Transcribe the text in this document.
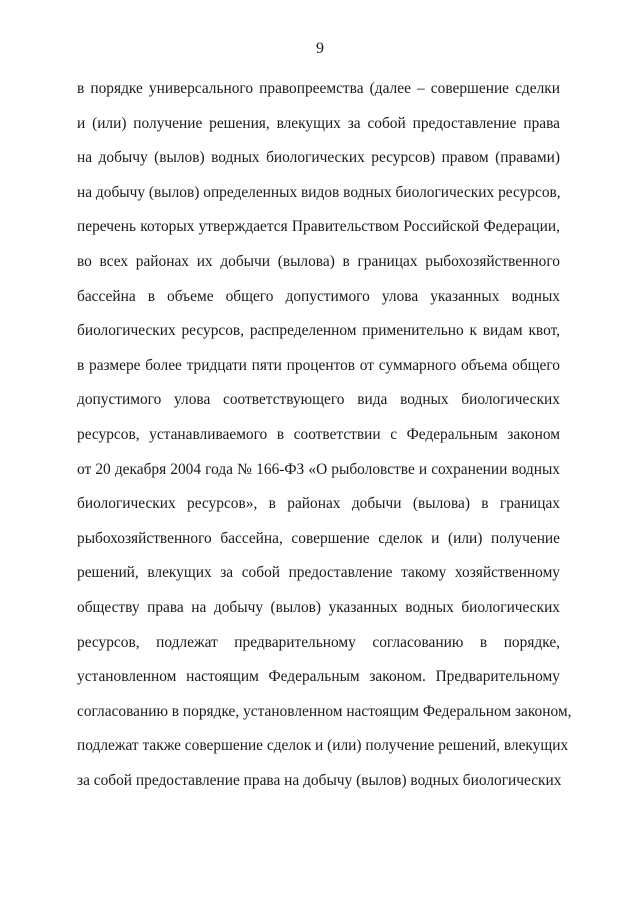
9
в порядке универсального правопреемства (далее – совершение сделки
и (или) получение решения, влекущих за собой предоставление права
на добычу (вылов) водных биологических ресурсов) правом (правами)
на добычу (вылов) определенных видов водных биологических ресурсов,
перечень которых утверждается Правительством Российской Федерации,
во всех районах их добычи (вылова) в границах рыбохозяйственного
бассейна в объеме общего допустимого улова указанных водных
биологических ресурсов, распределенном применительно к видам квот,
в размере более тридцати пяти процентов от суммарного объема общего
допустимого улова соответствующего вида водных биологических
ресурсов, устанавливаемого в соответствии с Федеральным законом
от 20 декабря 2004 года № 166-ФЗ «О рыболовстве и сохранении водных
биологических ресурсов», в районах добычи (вылова) в границах
рыбохозяйственного бассейна, совершение сделок и (или) получение
решений, влекущих за собой предоставление такому хозяйственному
обществу права на добычу (вылов) указанных водных биологических
ресурсов, подлежат предварительному согласованию в порядке,
установленном настоящим Федеральным законом. Предварительному
согласованию в порядке, установленном настоящим Федеральном законом,
подлежат также совершение сделок и (или) получение решений, влекущих
за собой предоставление права на добычу (вылов) водных биологических
